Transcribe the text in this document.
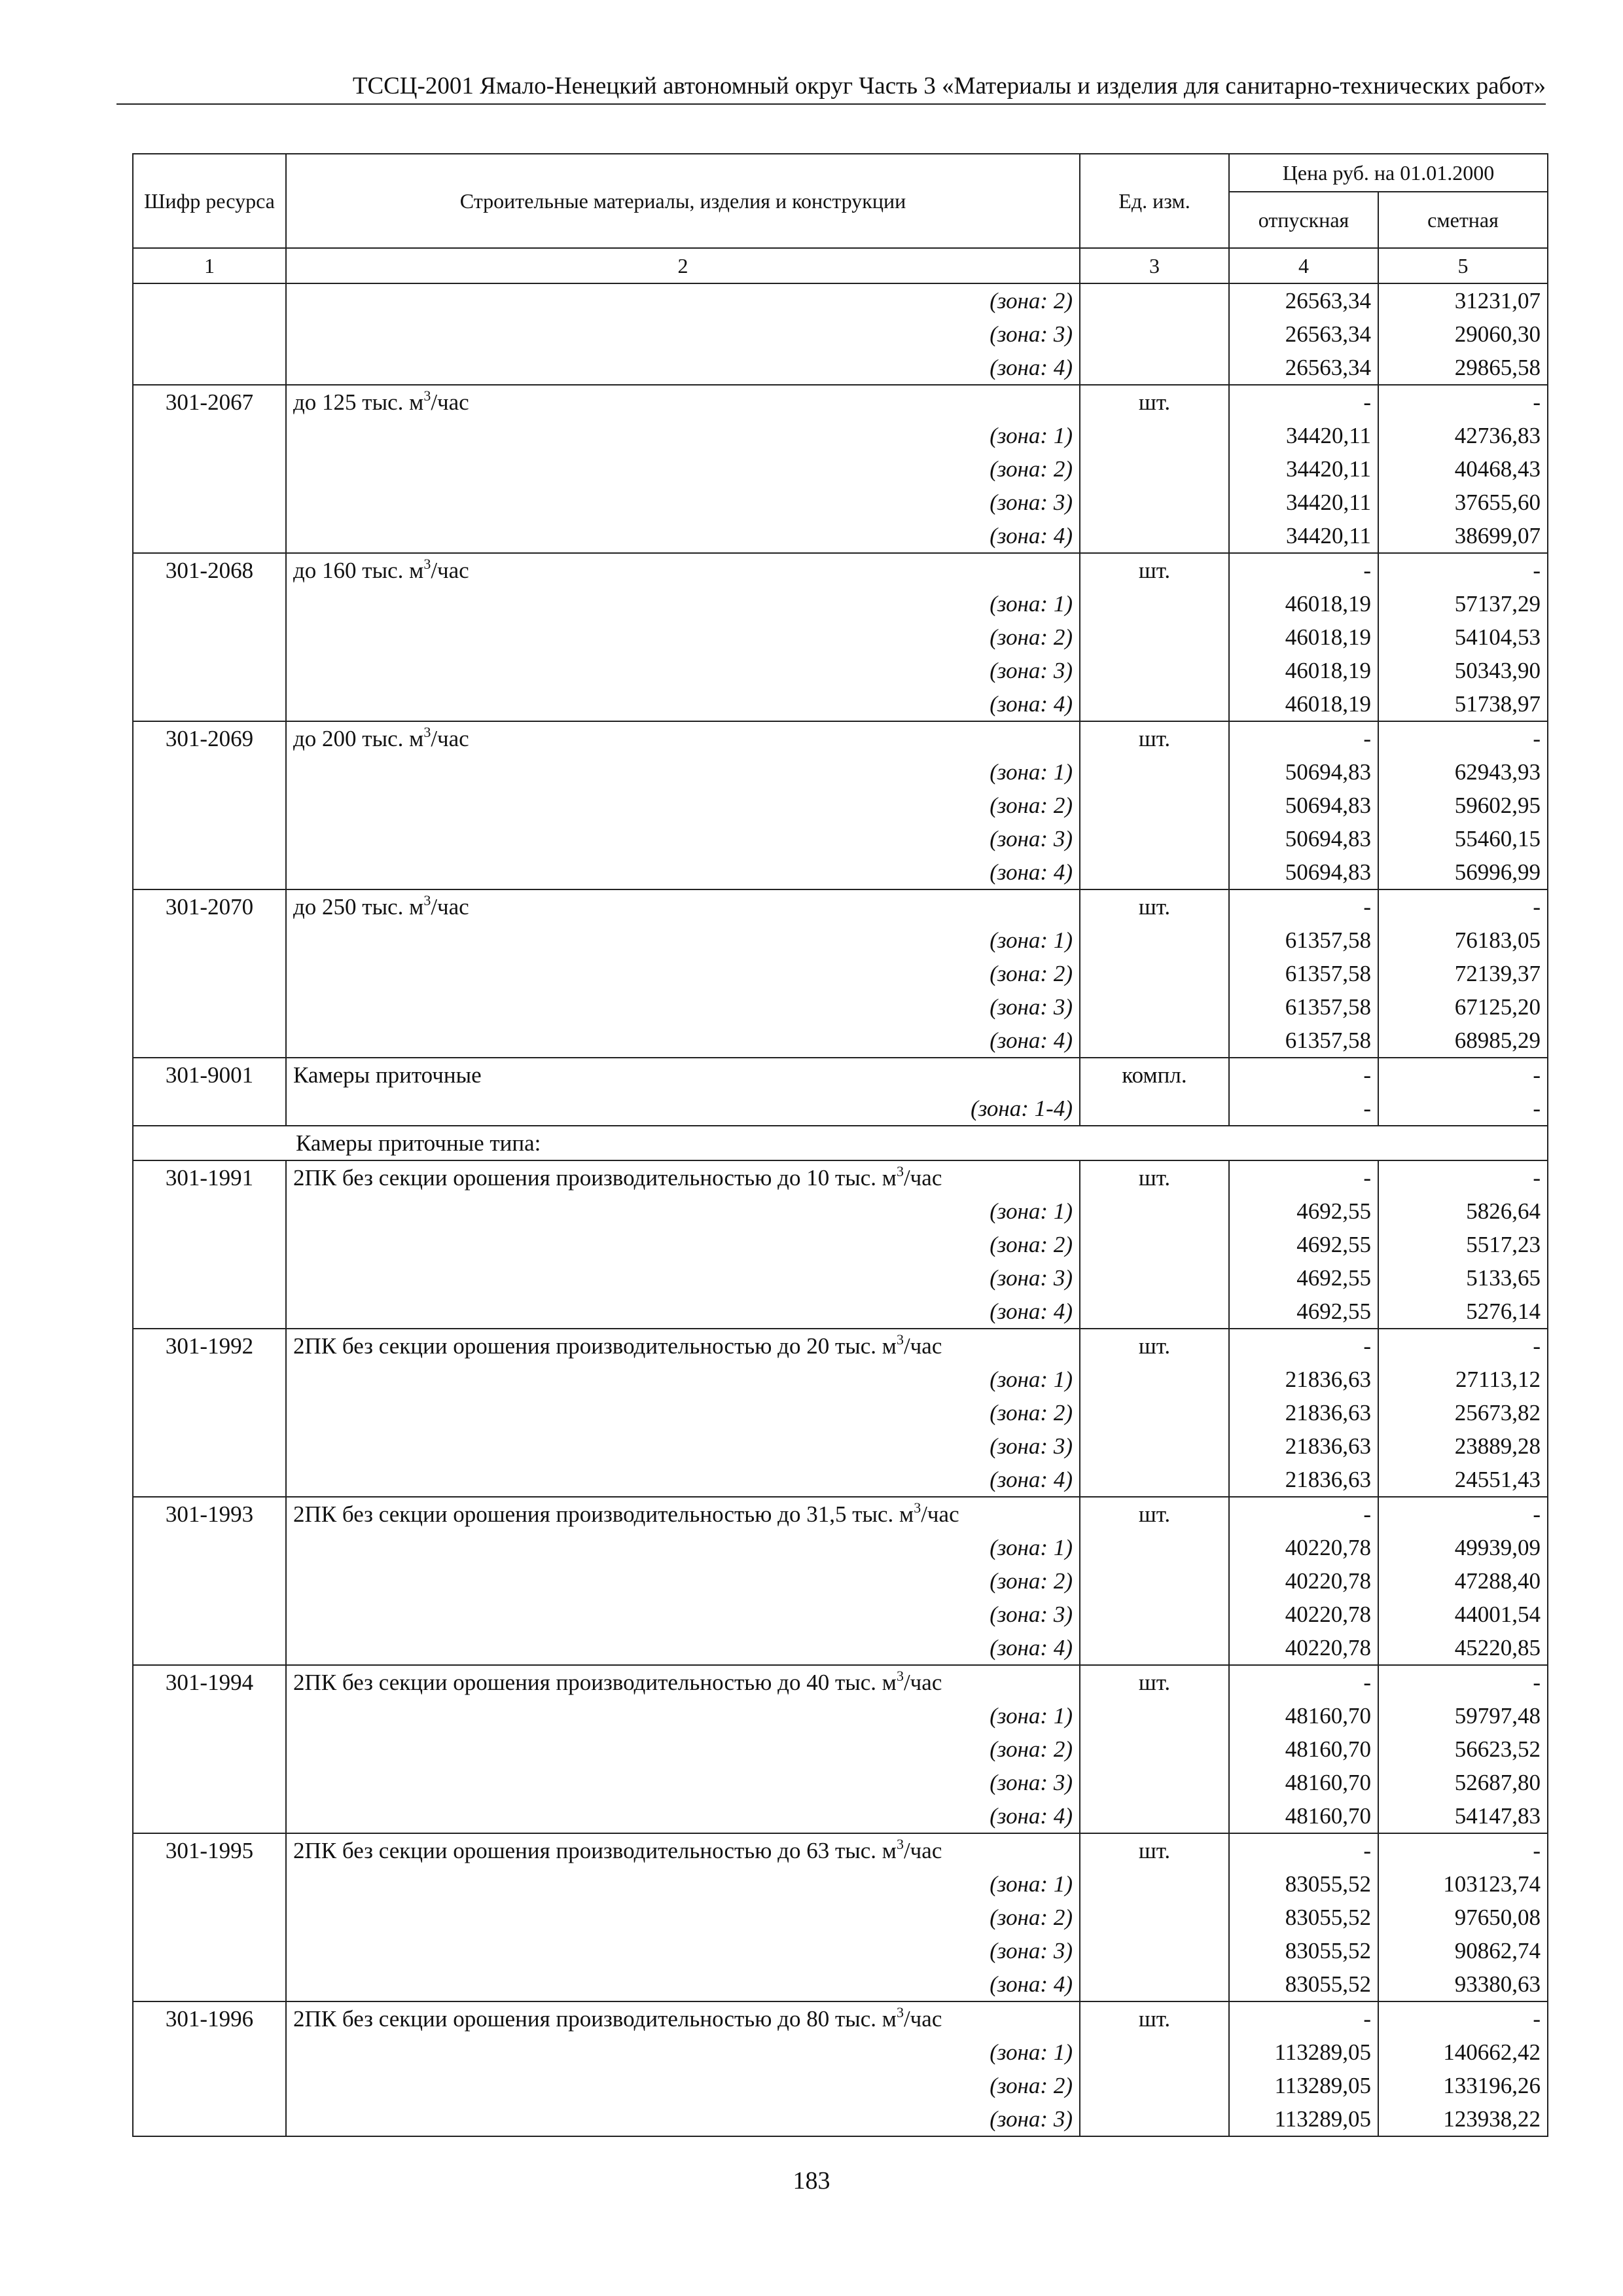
ТССЦ-2001 Ямало-Ненецкий автономный округ Часть 3 «Материалы и изделия для санитарно-технических работ»
Шифр ресурса	Строительные материалы, изделия и конструкции	Ед. изм.	Цена руб. на 01.01.2000	
			отпускная	сметная
1	2	3	4	5
	(зона: 2)		26563,34	31231,07
	(зона: 3)		26563,34	29060,30
	(зона: 4)		26563,34	29865,58
301-2067	до 125 тыс. $м^3$/час	шт.	-	-
	(зона: 1)		34420,11	42736,83
	(зона: 2)		34420,11	40468,43
	(зона: 3)		34420,11	37655,60
	(зона: 4)		34420,11	38699,07
301-2068	до 160 тыс. $м^3$/час	шт.	-	-
	(зона: 1)		46018,19	57137,29
	(зона: 2)		46018,19	54104,53
	(зона: 3)		46018,19	50343,90
	(зона: 4)		46018,19	51738,97
301-2069	до 200 тыс. $м^3$/час	шт.	-	-
	(зона: 1)		50694,83	62943,93
	(зона: 2)		50694,83	59602,95
	(зона: 3)		50694,83	55460,15
	(зона: 4)		50694,83	56996,99
301-2070	до 250 тыс. $м^3$/час	шт.	-	-
	(зона: 1)		61357,58	76183,05
	(зона: 2)		61357,58	72139,37
	(зона: 3)		61357,58	67125,20
	(зона: 4)		61357,58	68985,29
301-9001	Камеры приточные	компл.	-	-
	(зона: 1-4)		-	-
Камеры приточные типа:				
301-1991	2ПК без секции орошения производительностью до 10 тыс. $м^3$/час	шт.	-	-
	(зона: 1)		4692,55	5826,64
	(зона: 2)		4692,55	5517,23
	(зона: 3)		4692,55	5133,65
	(зона: 4)		4692,55	5276,14
301-1992	2ПК без секции орошения производительностью до 20 тыс. $м^3$/час	шт.	-	-
	(зона: 1)		21836,63	27113,12
	(зона: 2)		21836,63	25673,82
	(зона: 3)		21836,63	23889,28
	(зона: 4)		21836,63	24551,43
301-1993	2ПК без секции орошения производительностью до 31,5 тыс. $м^3$/час	шт.	-	-
	(зона: 1)		40220,78	49939,09
	(зона: 2)		40220,78	47288,40
	(зона: 3)		40220,78	44001,54
	(зона: 4)		40220,78	45220,85
301-1994	2ПК без секции орошения производительностью до 40 тыс. $м^3$/час	шт.	-	-
	(зона: 1)		48160,70	59797,48
	(зона: 2)		48160,70	56623,52
	(зона: 3)		48160,70	52687,80
	(зона: 4)		48160,70	54147,83
301-1995	2ПК без секции орошения производительностью до 63 тыс. $м^3$/час	шт.	-	-
	(зона: 1)		83055,52	103123,74
	(зона: 2)		83055,52	97650,08
	(зона: 3)		83055,52	90862,74
	(зона: 4)		83055,52	93380,63
301-1996	2ПК без секции орошения производительностью до 80 тыс. $м^3$/час	шт.	-	-
	(зона: 1)		113289,05	140662,42
	(зона: 2)		113289,05	133196,26
	(зона: 3)		113289,05	123938,22
183
